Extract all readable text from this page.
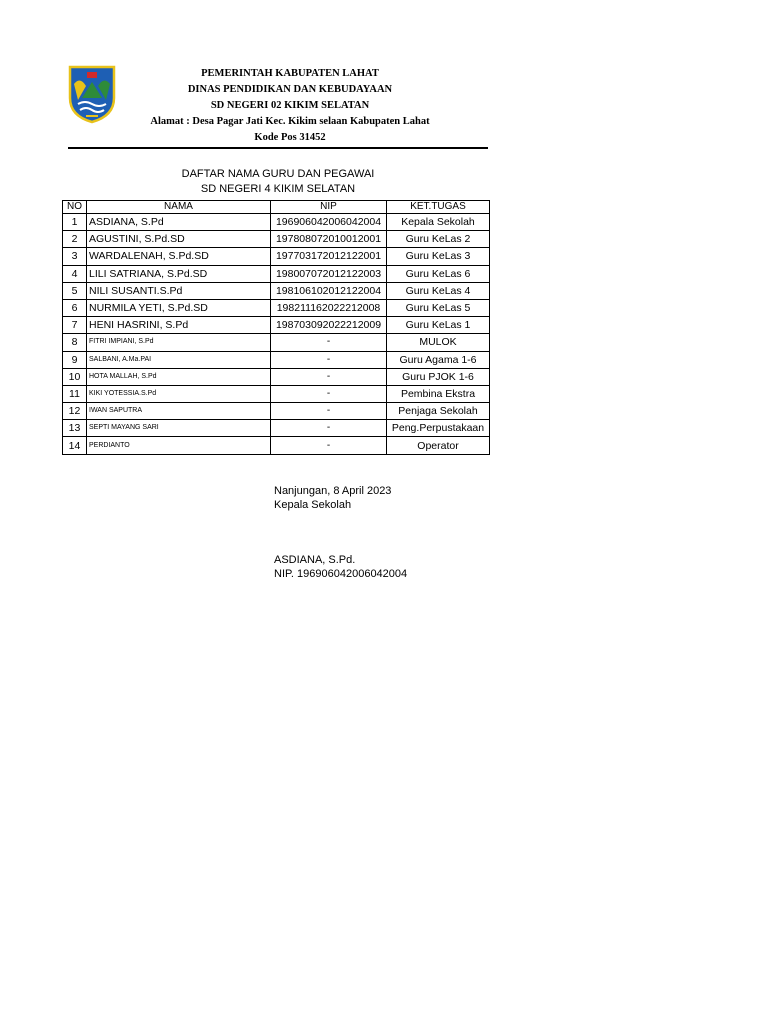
PEMERINTAH KABUPATEN LAHAT
DINAS PENDIDIKAN DAN KEBUDAYAAN
SD NEGERI 02 KIKIM SELATAN
Alamat : Desa Pagar Jati Kec. Kikim selaan Kabupaten Lahat
Kode Pos 31452
DAFTAR NAMA GURU DAN PEGAWAI
SD NEGERI 4 KIKIM SELATAN
NO	NAMA	NIP	KET.TUGAS
1	ASDIANA, S.Pd	196906042006042004	Kepala Sekolah
2	AGUSTINI, S.Pd.SD	197808072010012001	Guru KeLas 2
3	WARDALENAH, S.Pd.SD	197703172012122001	Guru KeLas 3
4	LILI SATRIANA, S.Pd.SD	198007072012122003	Guru KeLas 6
5	NILI SUSANTI.S.Pd	198106102012122004	Guru KeLas 4
6	NURMILA YETI, S.Pd.SD	198211162022212008	Guru KeLas 5
7	HENI HASRINI, S.Pd	198703092022212009	Guru KeLas 1
8	FITRI IMPIANI, S.Pd	-	MULOK
9	SALBANI, A.Ma.PAI	-	Guru Agama 1-6
10	HOTA MALLAH, S.Pd	-	Guru PJOK 1-6
11	KIKI YOTESSIA.S.Pd	-	Pembina Ekstra
12	IWAN SAPUTRA	-	Penjaga Sekolah
13	SEPTI MAYANG SARI	-	Peng.Perpustakaan
14	PERDIANTO	-	Operator
Nanjungan, 8 April 2023
Kepala Sekolah
ASDIANA, S.Pd.
NIP. 196906042006042004
